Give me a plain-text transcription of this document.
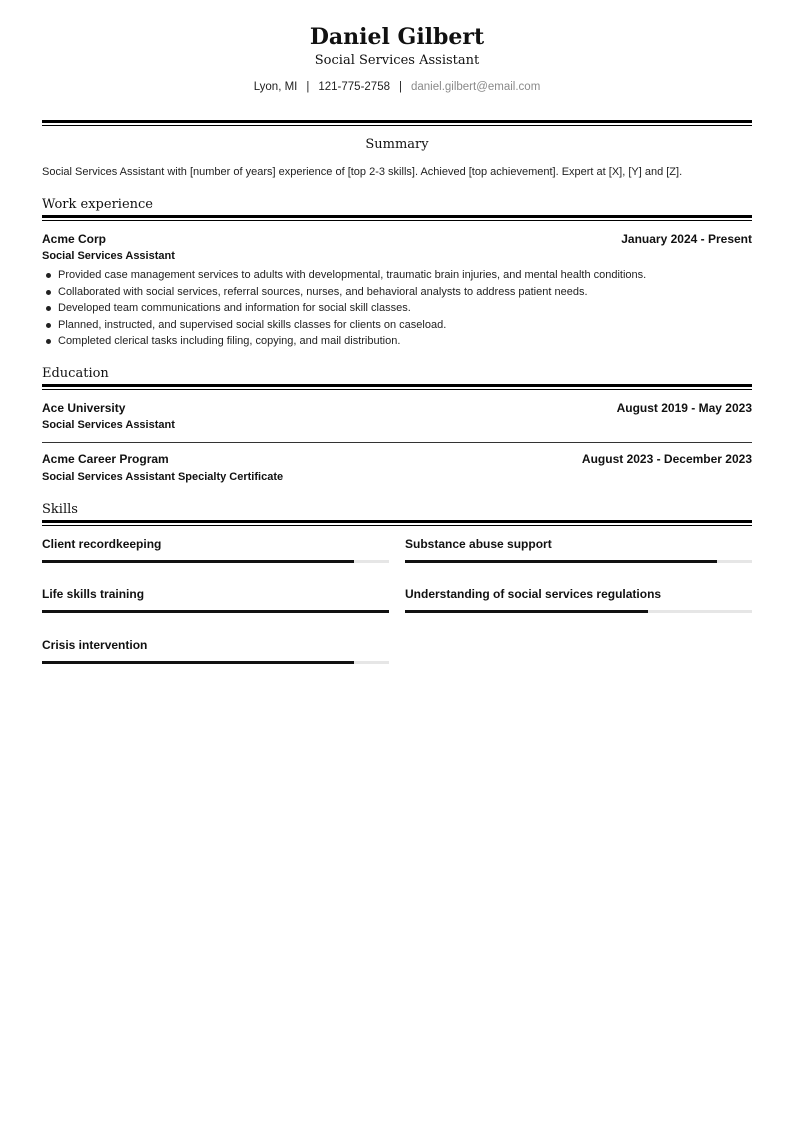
Daniel Gilbert
Social Services Assistant
Lyon, MI | 121-775-2758 | daniel.gilbert@email.com
Summary
Social Services Assistant with [number of years] experience of [top 2-3 skills]. Achieved [top achievement]. Expert at [X], [Y] and [Z].
Work experience
Acme Corp	January 2024 - Present
Social Services Assistant
Provided case management services to adults with developmental, traumatic brain injuries, and mental health conditions.
Collaborated with social services, referral sources, nurses, and behavioral analysts to address patient needs.
Developed team communications and information for social skill classes.
Planned, instructed, and supervised social skills classes for clients on caseload.
Completed clerical tasks including filing, copying, and mail distribution.
Education
Ace University	August 2019 - May 2023
Social Services Assistant
Acme Career Program	August 2023 - December 2023
Social Services Assistant Specialty Certificate
Skills
Client recordkeeping	Substance abuse support
Life skills training	Understanding of social services regulations
Crisis intervention
